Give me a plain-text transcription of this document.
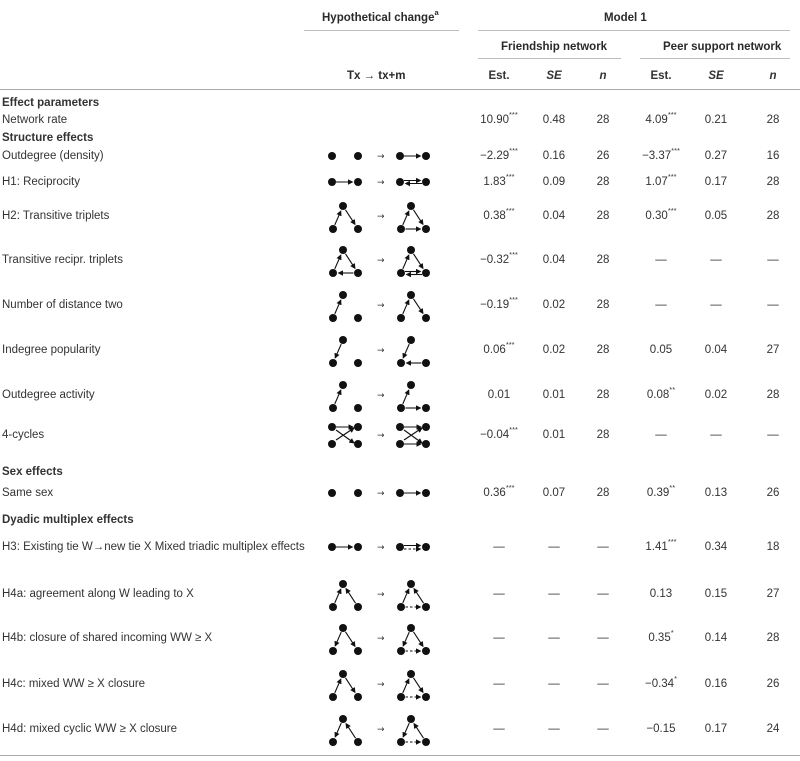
Hypothetical change$^a$	Model 1
Friendship network	Peer support network
Tx → tx+m	Est.	SE	n	Est.	SE	n
Effect parameters
Network rate	10.90*** 0.48	28	4.09*** 0.21	28
Structure effects
Outdegree (density)	−2.29*** 0.16	26	−3.37*** 0.27	16
→
H1: Reciprocity	1.83*** 0.09	28	1.07*** 0.17	28
→
H2: Transitive triplets	0.38*** 0.04	28	0.30*** 0.05	28
→
Transitive recipr. triplets	−0.32*** 0.04	28	—	—	—
→
Number of distance two	−0.19*** 0.02	28	—	—	—
→
Indegree popularity	0.06*** 0.02	28	0.05	0.04	27
→
Outdegree activity	0.01	0.01	28	0.08**	0.02	28
→
4-cycles	−0.04*** 0.01	28	—	—	—
→
Sex effects
Same sex	0.36*** 0.07	28	0.39**	0.13	26
→
Dyadic multiplex effects
H3: Existing tie W→new tie X Mixed triadic multiplex effects	—	—	—	1.41*** 0.34	18
→
H4a: agreement along W leading to X	—	—	—	0.13	0.15	27
→
H4b: closure of shared incoming WW ≥ X	—	—	—	0.35*	0.14	28
→
H4c: mixed WW ≥ X closure	—	—	—	−0.34* 0.16	26
→
H4d: mixed cyclic WW ≥ X closure	—	—	—	−0.15	0.17	24
→
